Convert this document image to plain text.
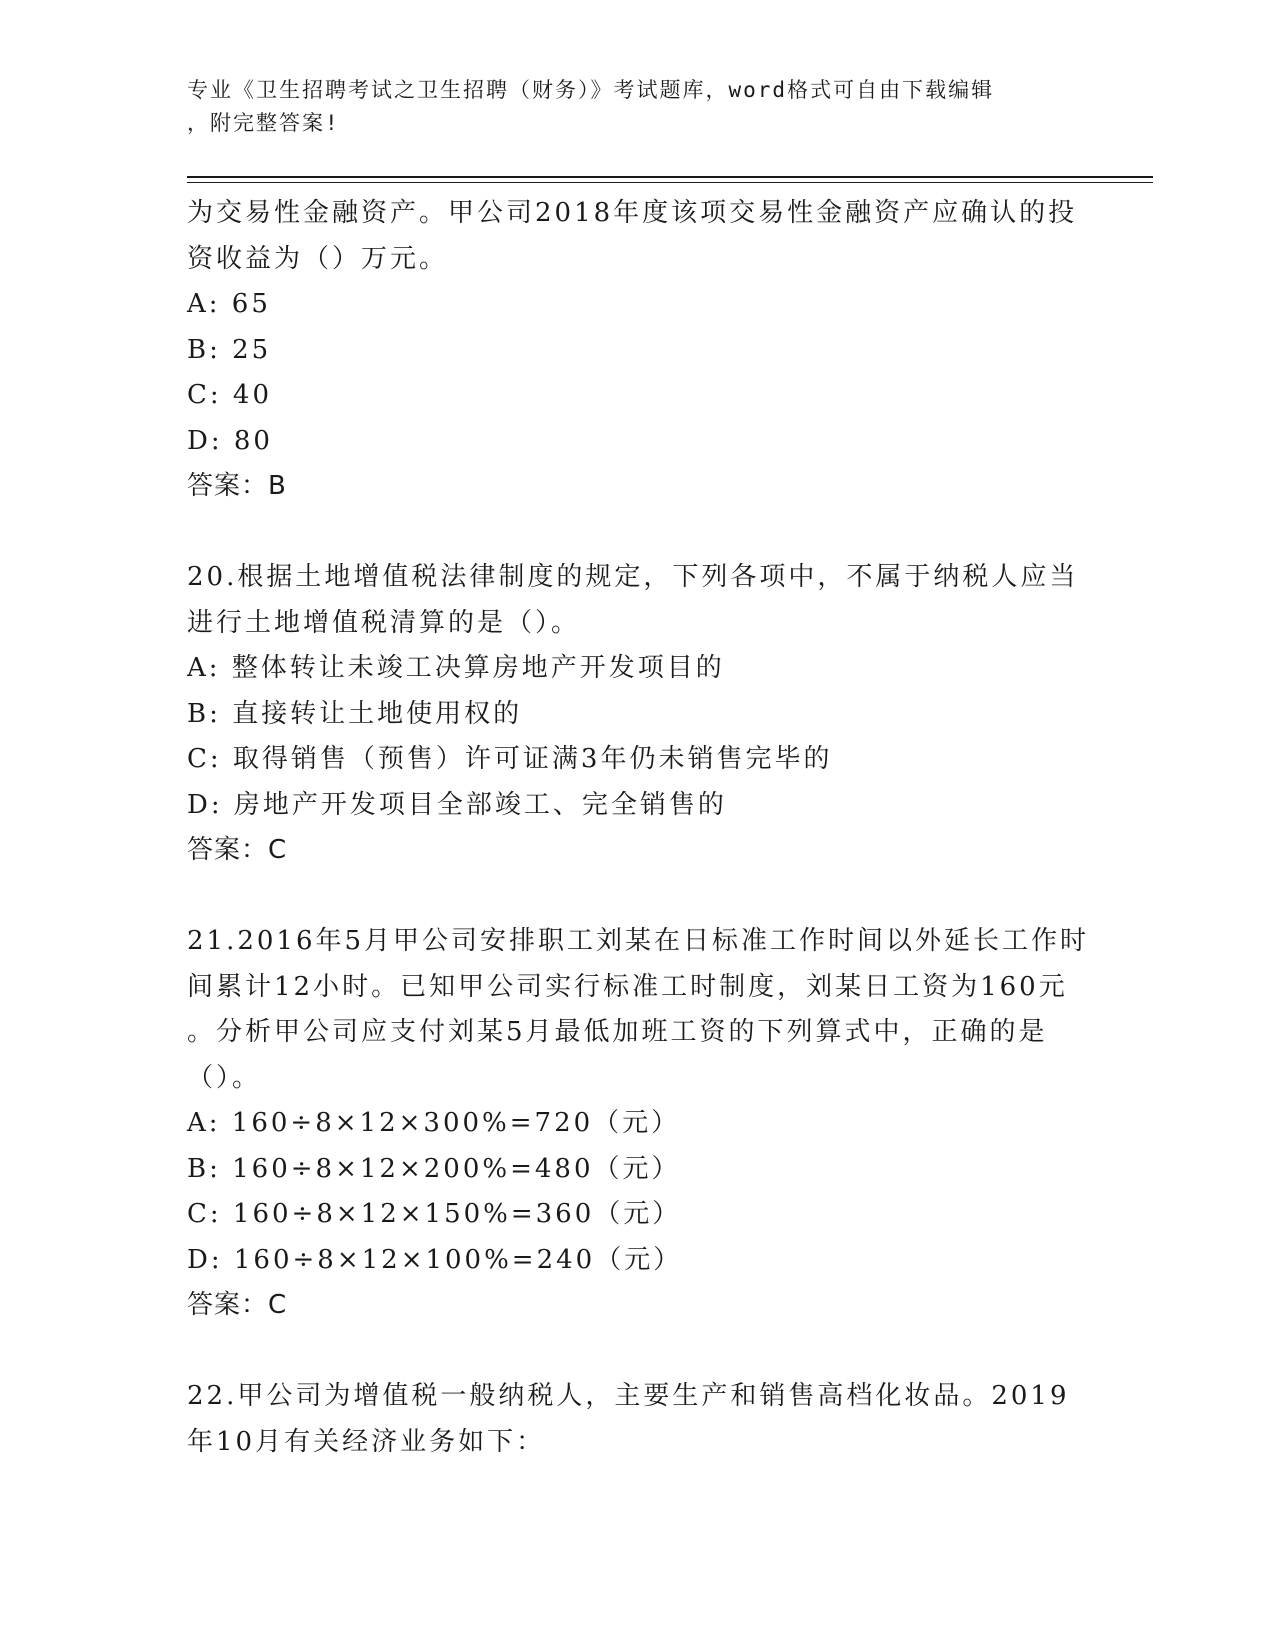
专业《卫生招聘考试之卫生招聘（财务）》考试题库，word格式可自由下载编辑
，附完整答案!
为交易性金融资产。甲公司2018年度该项交易性金融资产应确认的投
资收益为（）万元。
A: 65
B: 25
C: 40
D: 80
答案：B
20.根据土地增值税法律制度的规定，下列各项中，不属于纳税人应当
进行土地增值税清算的是（）。
A: 整体转让未竣工决算房地产开发项目的
B: 直接转让土地使用权的
C: 取得销售（预售）许可证满3年仍未销售完毕的
D: 房地产开发项目全部竣工、完全销售的
答案：C
21.2016年5月甲公司安排职工刘某在日标准工作时间以外延长工作时
间累计12小时。已知甲公司实行标准工时制度，刘某日工资为160元
。分析甲公司应支付刘某5月最低加班工资的下列算式中，正确的是
（）。
A: 160÷8×12×300%=720（元）
B: 160÷8×12×200%=480（元）
C: 160÷8×12×150%=360（元）
D: 160÷8×12×100%=240（元）
答案：C
22.甲公司为增值税一般纳税人，主要生产和销售高档化妆品。2019
年10月有关经济业务如下：
